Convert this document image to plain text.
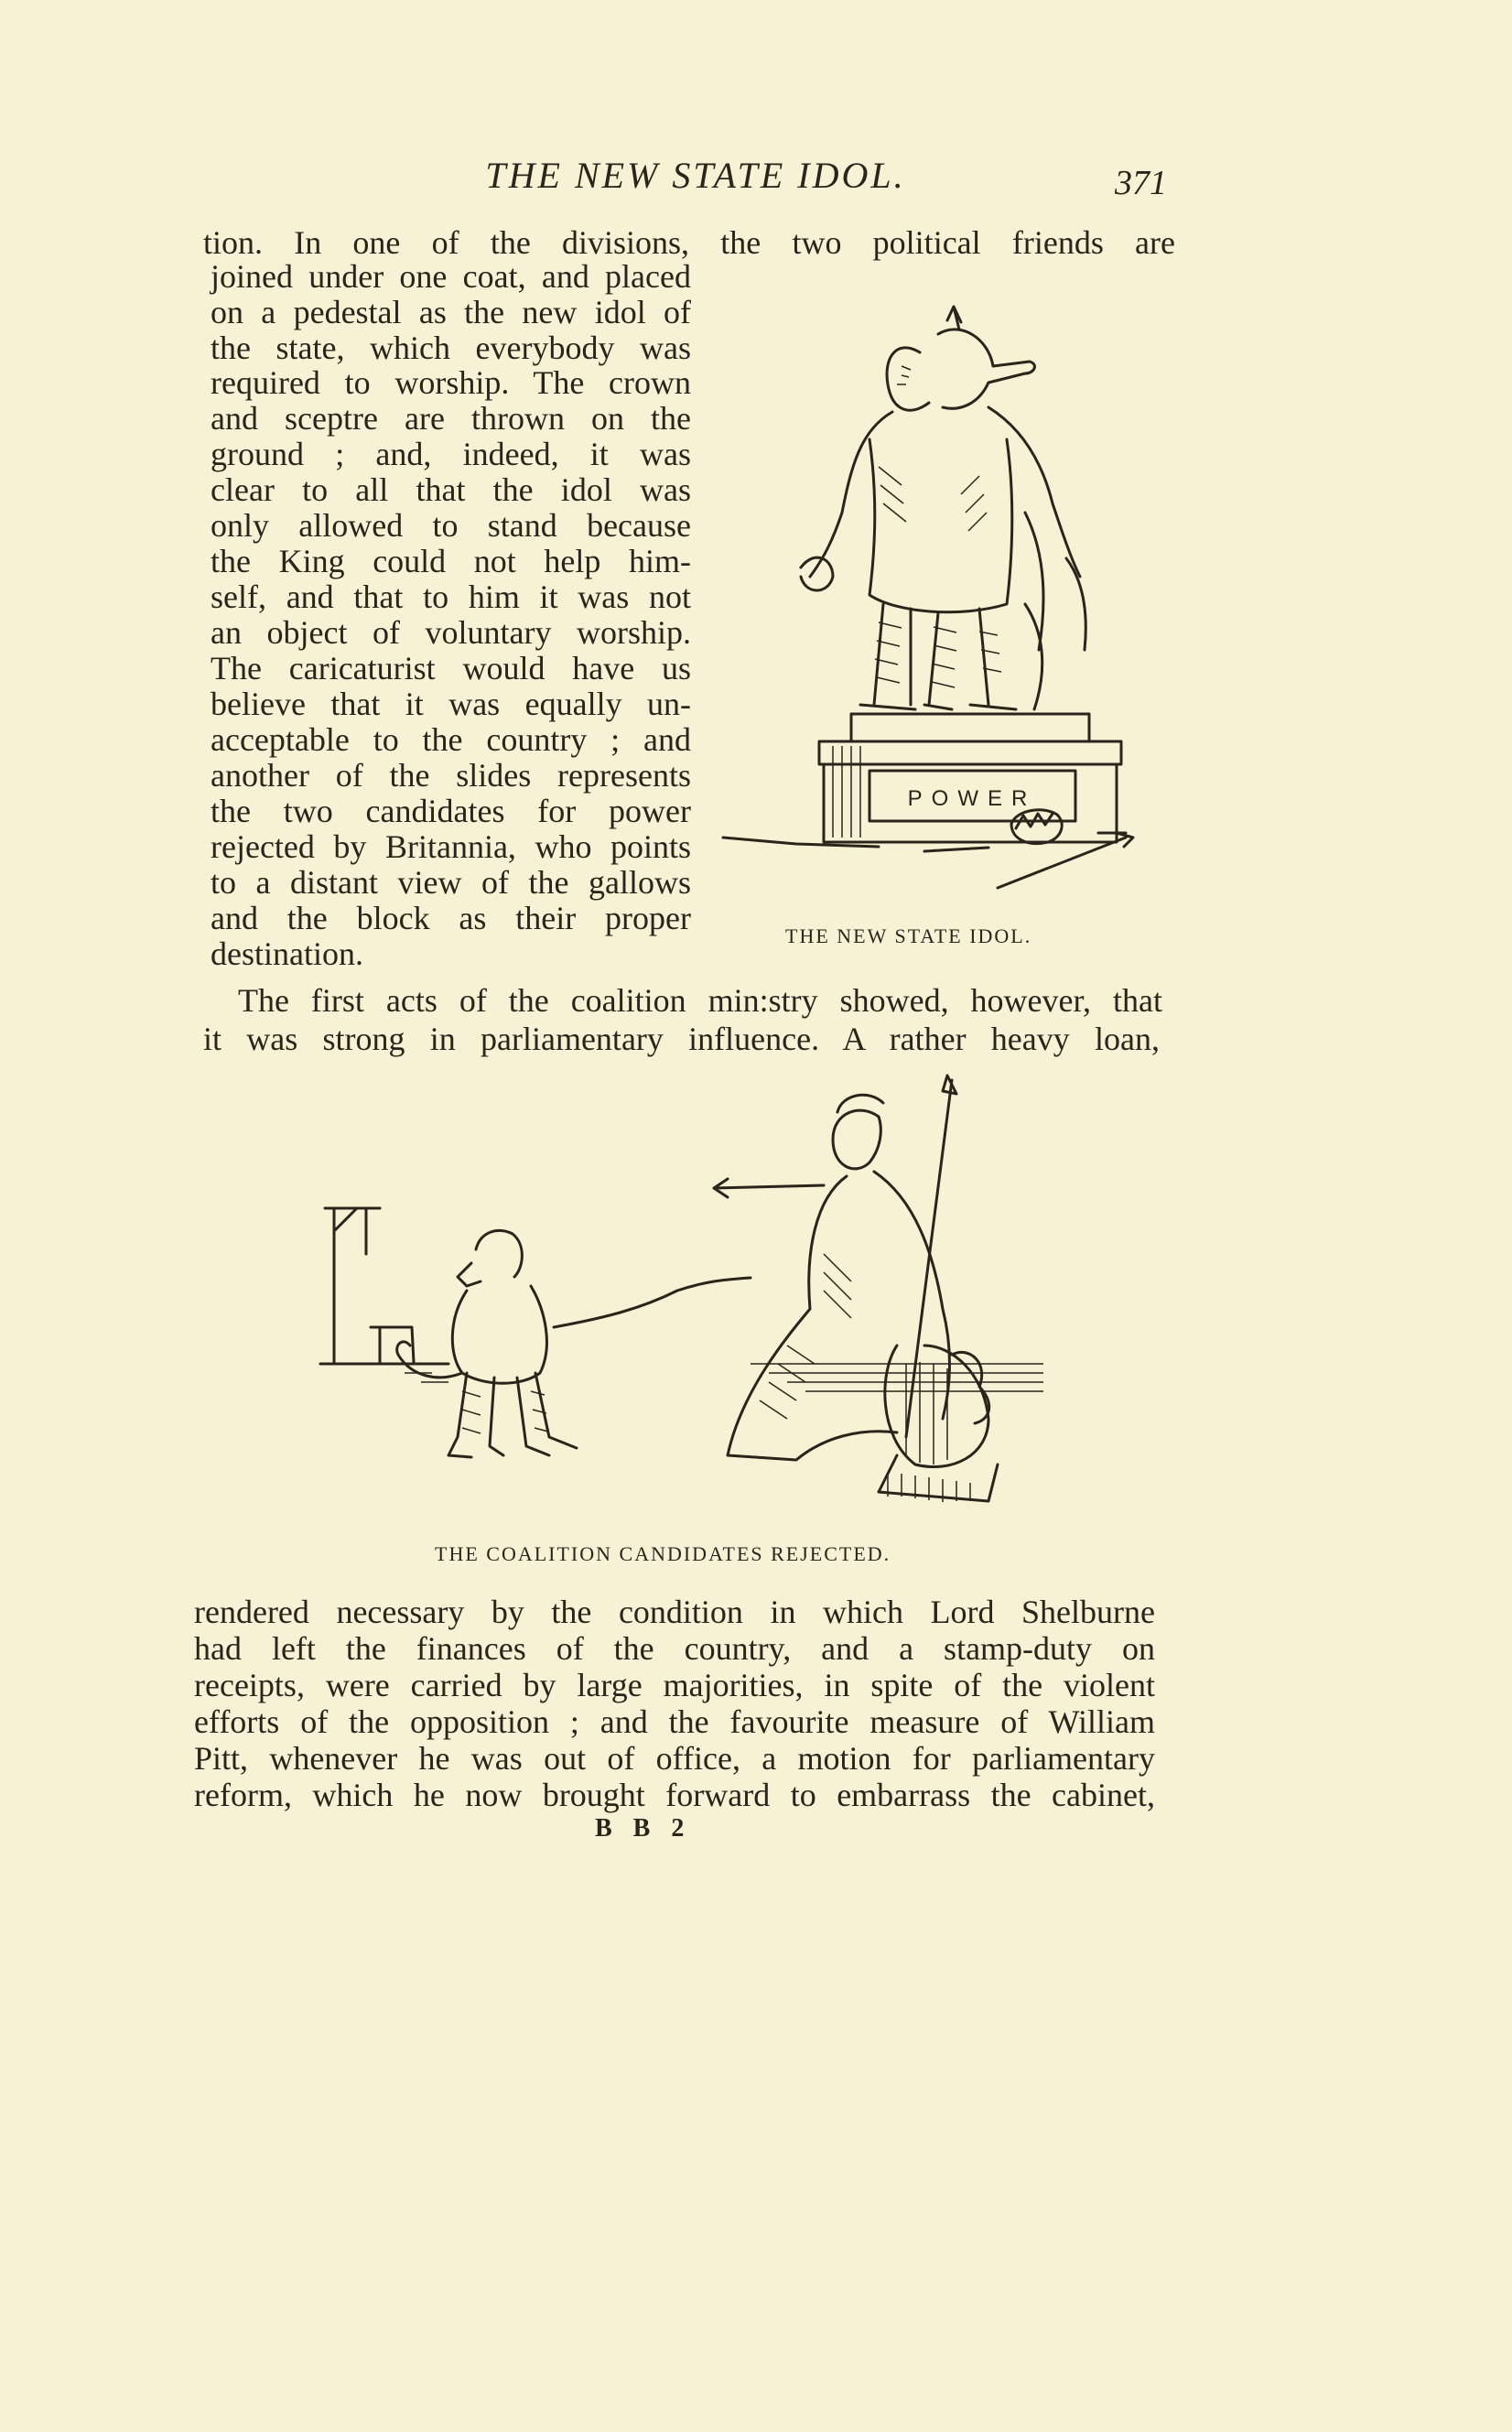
THE NEW STATE IDOL.	371
tion. In one of the divisions, the two political friends are
joined under one coat, and placed
on a pedestal as the new idol of
the state, which everybody was
required to worship. The crown
and sceptre are thrown on the
ground ; and, indeed, it was
clear to all that the idol was
only allowed to stand because
the King could not help him-
self, and that to him it was not
an object of voluntary worship.
The caricaturist would have us
believe that it was equally un-
acceptable to the country ; and
another of the slides represents
the two candidates for power
rejected by Britannia, who points
to a distant view of the gallows
and the block as their proper
destination.
The first acts of the coalition min:stry showed, however, that
it was strong in parliamentary influence. A rather heavy loan,
POWER
THE NEW STATE IDOL.
THE COALITION CANDIDATES REJECTED.
rendered necessary by the condition in which Lord Shelburne
had left the finances of the country, and a stamp-duty on
receipts, were carried by large majorities, in spite of the violent
efforts of the opposition ; and the favourite measure of William
Pitt, whenever he was out of office, a motion for parliamentary
reform, which he now brought forward to embarrass the cabinet,
B B 2
